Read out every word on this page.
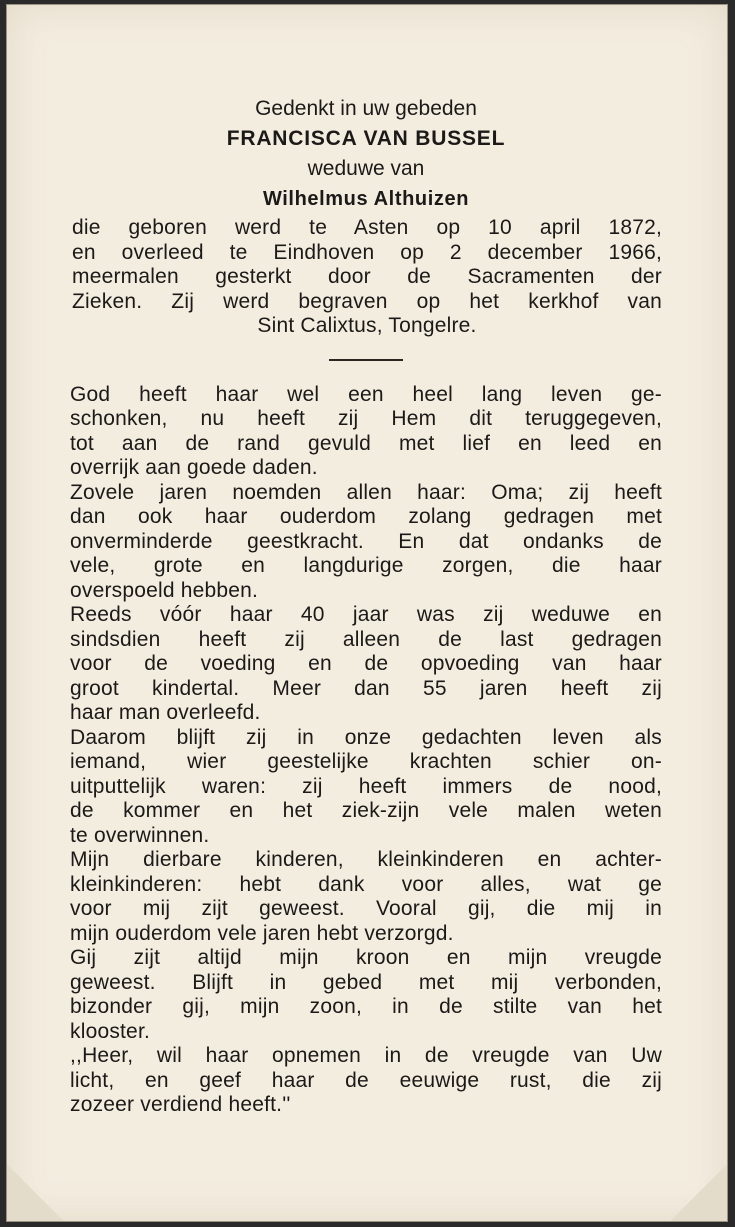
Gedenkt in uw gebeden
FRANCISCA VAN BUSSEL
weduwe van
Wilhelmus Althuizen
die geboren werd te Asten op 10 april 1872,
en overleed te Eindhoven op 2 december 1966,
meermalen gesterkt door de Sacramenten der
Zieken. Zij werd begraven op het kerkhof van
Sint Calixtus, Tongelre.
God heeft haar wel een heel lang leven ge-
schonken, nu heeft zij Hem dit teruggegeven,
tot aan de rand gevuld met lief en leed en
overrijk aan goede daden.
Zovele jaren noemden allen haar: Oma; zij heeft
dan ook haar ouderdom zolang gedragen met
onverminderde geestkracht. En dat ondanks de
vele, grote en langdurige zorgen, die haar
overspoeld hebben.
Reeds vóór haar 40 jaar was zij weduwe en
sindsdien heeft zij alleen de last gedragen
voor de voeding en de opvoeding van haar
groot kindertal. Meer dan 55 jaren heeft zij
haar man overleefd.
Daarom blijft zij in onze gedachten leven als
iemand, wier geestelijke krachten schier on-
uitputtelijk waren: zij heeft immers de nood,
de kommer en het ziek-zijn vele malen weten
te overwinnen.
Mijn dierbare kinderen, kleinkinderen en achter-
kleinkinderen: hebt dank voor alles, wat ge
voor mij zijt geweest. Vooral gij, die mij in
mijn ouderdom vele jaren hebt verzorgd.
Gij zijt altijd mijn kroon en mijn vreugde
geweest. Blijft in gebed met mij verbonden,
bizonder gij, mijn zoon, in de stilte van het
klooster.
,,Heer, wil haar opnemen in de vreugde van Uw
licht, en geef haar de eeuwige rust, die zij
zozeer verdiend heeft.''
